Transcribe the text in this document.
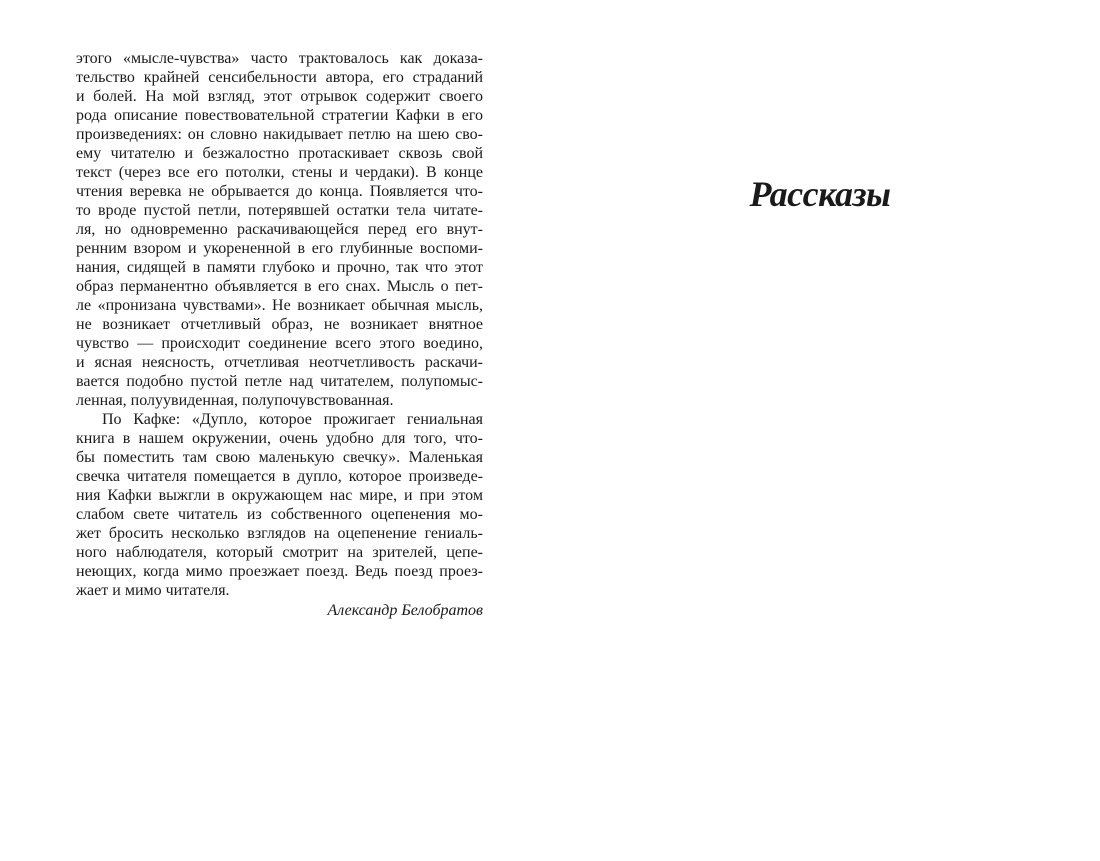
этого «мысле-чувства» часто трактовалось как доказа-
тельство крайней сенсибельности автора, его страданий
и болей. На мой взгляд, этот отрывок содержит своего
рода описание повествовательной стратегии Кафки в его
произведениях: он словно накидывает петлю на шею сво-
ему читателю и безжалостно протаскивает сквозь свой
текст (через все его потолки, стены и чердаки). В конце
чтения веревка не обрывается до конца. Появляется что-
то вроде пустой петли, потерявшей остатки тела читате-
ля, но одновременно раскачивающейся перед его внут-
ренним взором и укорененной в его глубинные воспоми-
нания, сидящей в памяти глубоко и прочно, так что этот
образ перманентно объявляется в его снах. Мысль о пет-
ле «пронизана чувствами». Не возникает обычная мысль,
не возникает отчетливый образ, не возникает внятное
чувство — происходит соединение всего этого воедино,
и ясная неясность, отчетливая неотчетливость раскачи-
вается подобно пустой петле над читателем, полупомыс-
ленная, полуувиденная, полупочувствованная.
По Кафке: «Дупло, которое прожигает гениальная
книга в нашем окружении, очень удобно для того, что-
бы поместить там свою маленькую свечку». Маленькая
свечка читателя помещается в дупло, которое произведе-
ния Кафки выжгли в окружающем нас мире, и при этом
слабом свете читатель из собственного оцепенения мо-
жет бросить несколько взглядов на оцепенение гениаль-
ного наблюдателя, который смотрит на зрителей, цепе-
неющих, когда мимо проезжает поезд. Ведь поезд проез-
жает и мимо читателя.
Александр Белобратов
Рассказы
